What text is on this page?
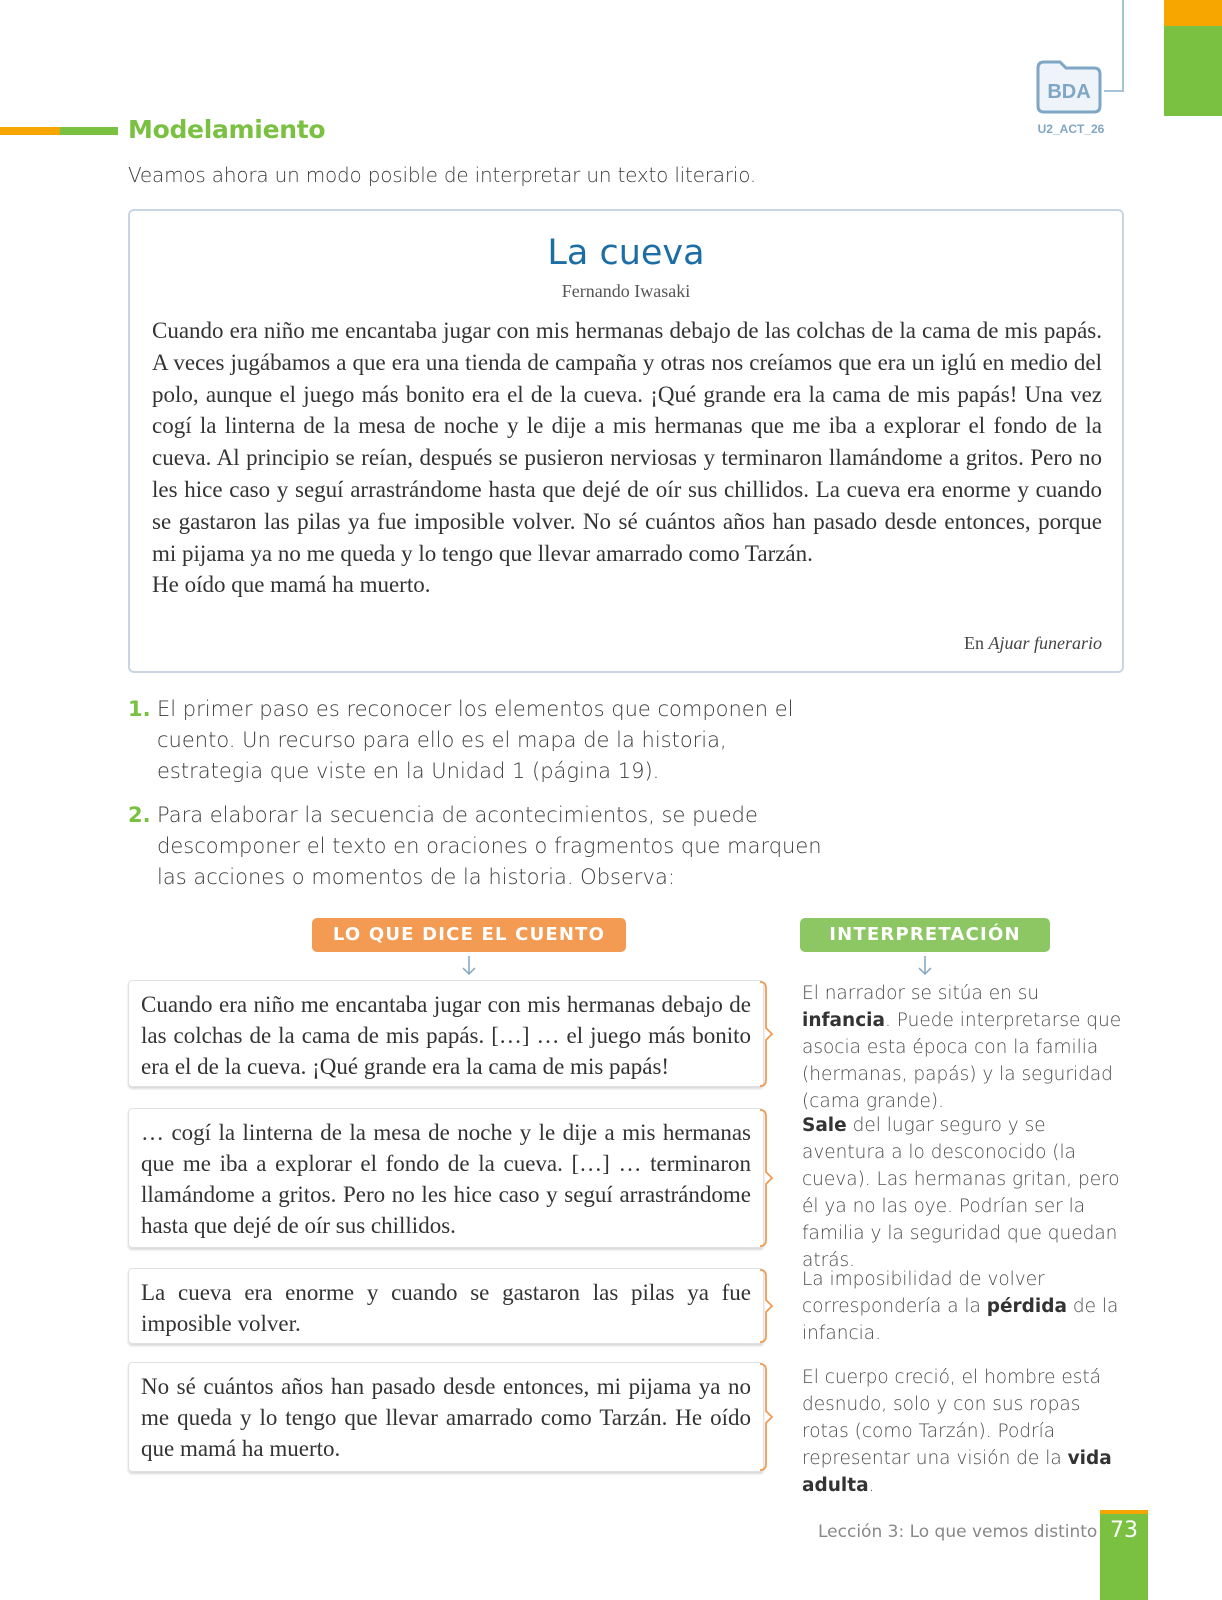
BDA
U2_ACT_26
Modelamiento
Veamos ahora un modo posible de interpretar un texto literario.
La cueva
Fernando Iwasaki

Cuando era niño me encantaba jugar con mis hermanas debajo de las colchas de la cama de mis papás. A veces jugábamos a que era una tienda de campaña y otras nos creíamos que era un iglú en medio del polo, aunque el juego más bonito era el de la cueva. ¡Qué grande era la cama de mis papás! Una vez cogí la linterna de la mesa de noche y le dije a mis hermanas que me iba a explorar el fondo de la cueva. Al principio se reían, después se pusieron nerviosas y terminaron llamándome a gritos. Pero no les hice caso y seguí arrastrándome hasta que dejé de oír sus chillidos. La cueva era enorme y cuando se gastaron las pilas ya fue imposible volver. No sé cuántos años han pasado desde entonces, porque mi pijama ya no me queda y lo tengo que llevar amarrado como Tarzán.

He oído que mamá ha muerto.

En Ajuar funerario
1. El primer paso es reconocer los elementos que componen el cuento. Un recurso para ello es el mapa de la historia, estrategia que viste en la Unidad 1 (página 19).
2. Para elaborar la secuencia de acontecimientos, se puede descomponer el texto en oraciones o fragmentos que marquen las acciones o momentos de la historia. Observa:
LO QUE DICE EL CUENTO	INTERPRETACIÓN
Cuando era niño me encantaba jugar con mis hermanas debajo de las colchas de la cama de mis papás. […] … el juego más bonito era el de la cueva. ¡Qué grande era la cama de mis papás!
… cogí la linterna de la mesa de noche y le dije a mis hermanas que me iba a explorar el fondo de la cueva. […] … terminaron llamándome a gritos. Pero no les hice caso y seguí arrastrándome hasta que dejé de oír sus chillidos.
La cueva era enorme y cuando se gastaron las pilas ya fue imposible volver.
No sé cuántos años han pasado desde entonces, mi pijama ya no me queda y lo tengo que llevar amarrado como Tarzán. He oído que mamá ha muerto.
El narrador se sitúa en su infancia. Puede interpretarse que asocia esta época con la familia (hermanas, papás) y la seguridad (cama grande).
Sale del lugar seguro y se aventura a lo desconocido (la cueva). Las hermanas gritan, pero él ya no las oye. Podrían ser la familia y la seguridad que quedan atrás.
La imposibilidad de volver correspondería a la pérdida de la infancia.
El cuerpo creció, el hombre está desnudo, solo y con sus ropas rotas (como Tarzán). Podría representar una visión de la vida adulta.
Lección 3: Lo que vemos distinto 73
